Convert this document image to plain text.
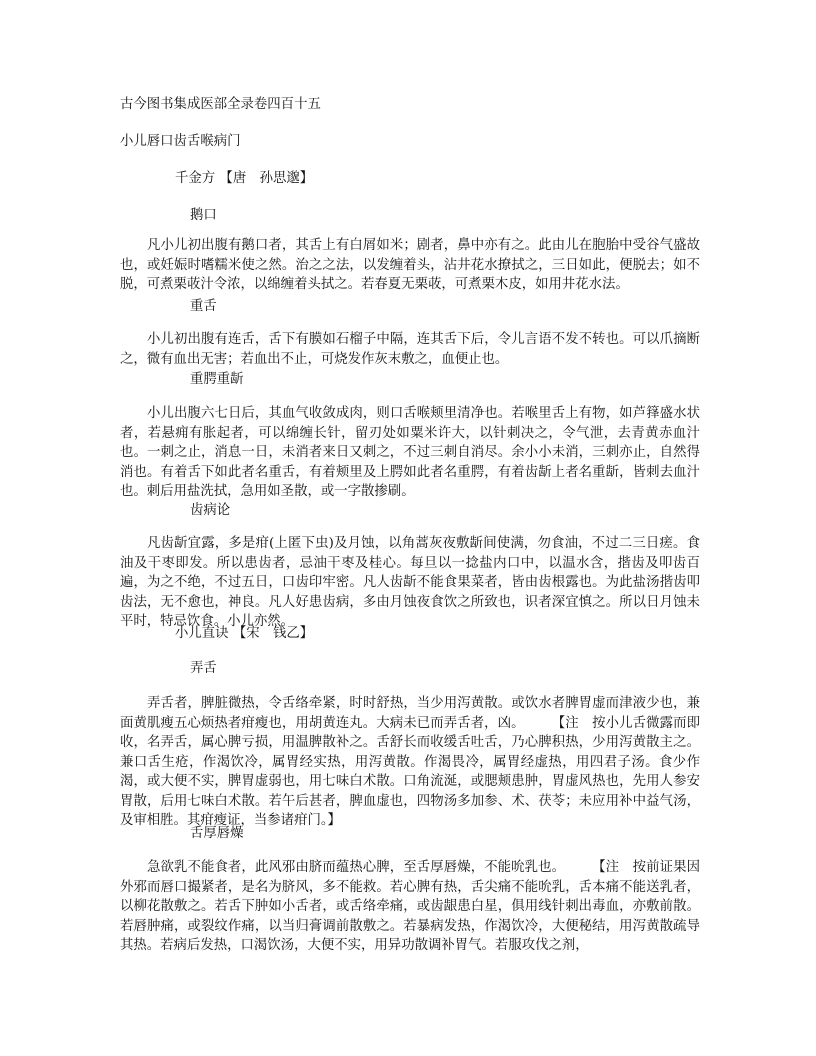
古今图书集成医部全录卷四百十五
小儿唇口齿舌喉病门
千金方 【唐　孙思邈】
鹅口

凡小儿初出腹有鹅口者，其舌上有白屑如米；剧者，鼻中亦有之。此由儿在胞胎中受谷气盛故也，或妊娠时嗜糯米使之然。治之之法，以发缠着头，沾井花水撩拭之，三日如此，便脱去；如不脱，可煮栗荍汁令浓，以绵缠着头拭之。若春夏无栗荍，可煮栗木皮，如用井花水法。

重舌

小儿初出腹有连舌，舌下有膜如石榴子中隔，连其舌下后，令儿言语不发不转也。可以爪摘断之，微有血出无害；若血出不止，可烧发作灰末敷之，血便止也。

重腭重龂

小儿出腹六七日后，其血气收敛成肉，则口舌喉颊里清净也。若喉里舌上有物，如芦箨盛水状者，若悬痈有胀起者，可以绵缠长针，留刃处如粟米许大，以针刺决之，令气泄，去青黄赤血汁也。一刺之止，消息一日，未消者来日又刺之，不过三刺自消尽。余小小未消，三刺亦止，自然得消也。有着舌下如此者名重舌，有着颊里及上腭如此者名重腭，有着齿龂上者名重龂，皆刺去血汁也。刺后用盐洗拭，急用如圣散，或一字散掺刷。

齿病论

凡齿龂宜露，多是疳(上匿下虫)及月蚀，以角蒿灰夜敷龂间使满，勿食油，不过二三日瘥。食油及干枣即发。所以患齿者，忌油干枣及桂心。每旦以一捻盐内口中，以温水含，揩齿及叩齿百遍，为之不绝，不过五日，口齿印牢密。凡人齿龂不能食果菜者，皆由齿根露也。为此盐汤揩齿叩齿法，无不愈也，神良。凡人好患齿病，多由月蚀夜食饮之所致也，识者深宜慎之。所以日月蚀未平时，特忌饮食。小儿亦然。

小儿直诀 【宋　钱乙】
弄舌

弄舌者，脾脏微热，令舌络牵紧，时时舒热，当少用泻黄散。或饮水者脾胃虚而津液少也，兼面黄肌瘦五心烦热者疳瘦也，用胡黄连丸。大病未已而弄舌者，凶。　　　【注　按小儿舌微露而即收，名弄舌，属心脾亏损，用温脾散补之。舌舒长而收缓舌吐舌，乃心脾积热，少用泻黄散主之。兼口舌生疮，作渴饮冷，属胃经实热，用泻黄散。作渴畏冷，属胃经虚热，用四君子汤。食少作渴，或大便不实，脾胃虚弱也，用七味白术散。口角流涎，或腮颊患肿，胃虚风热也，先用人参安胃散，后用七味白术散。若午后甚者，脾血虚也，四物汤多加参、术、茯苓；未应用补中益气汤，及审相胜。其疳瘦证，当参诸疳门。】

舌厚唇燥

急欲乳不能食者，此风邪由脐而蕴热心脾，至舌厚唇燥，不能吮乳也。　　　【注　按前证果因外邪而唇口撮紧者，是名为脐风，多不能救。若心脾有热，舌尖痛不能吮乳，舌本痛不能送乳者，以柳花散敷之。若舌下肿如小舌者，或舌络牵痛，或齿龈患白星，俱用线针刺出毒血，亦敷前散。若唇肿痛，或裂纹作痛，以当归膏调前散敷之。若暴病发热，作渴饮冷，大便秘结，用泻黄散疏导其热。若病后发热，口渴饮汤，大便不实，用异功散调补胃气。若服攻伐之剂，
